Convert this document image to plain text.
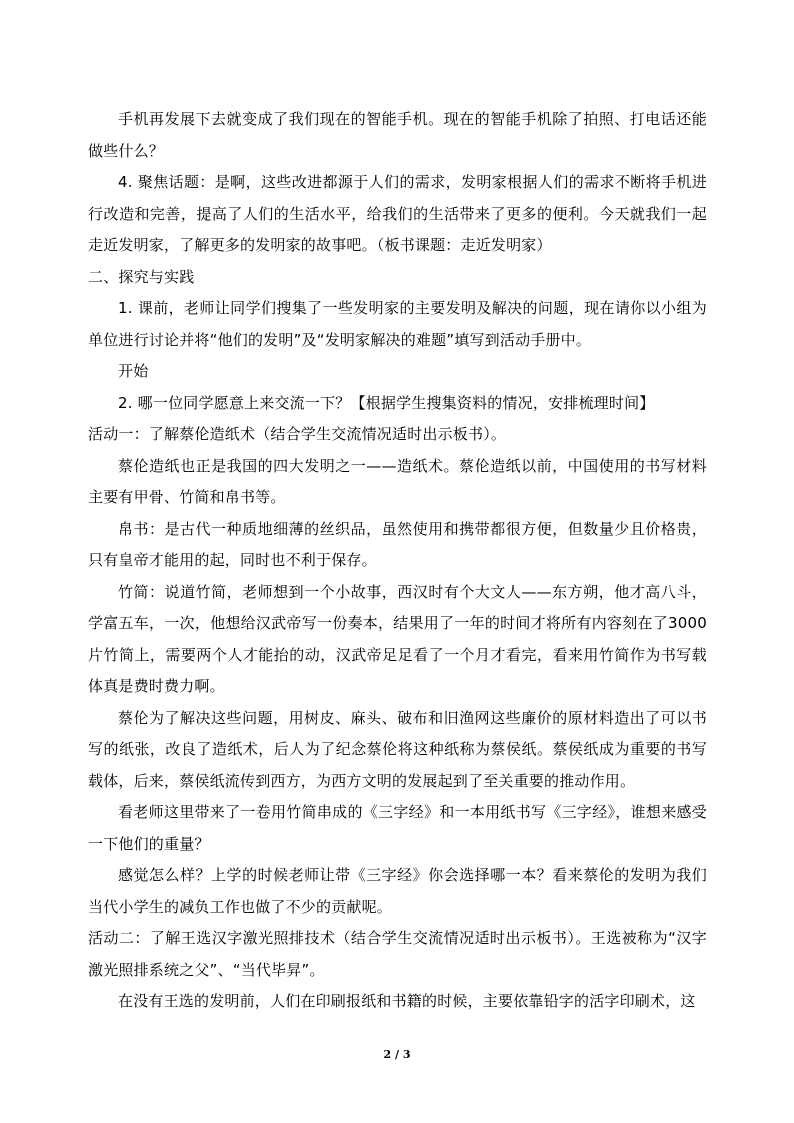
手机再发展下去就变成了我们现在的智能手机。现在的智能手机除了拍照、打电话还能做些什么？

4. 聚焦话题：是啊，这些改进都源于人们的需求，发明家根据人们的需求不断将手机进行改造和完善，提高了人们的生活水平，给我们的生活带来了更多的便利。今天就我们一起走近发明家，了解更多的发明家的故事吧。（板书课题：走近发明家）

二、探究与实践

1. 课前，老师让同学们搜集了一些发明家的主要发明及解决的问题，现在请你以小组为单位进行讨论并将“他们的发明”及“发明家解决的难题”填写到活动手册中。

开始

2. 哪一位同学愿意上来交流一下？【根据学生搜集资料的情况，安排梳理时间】

活动一：了解蔡伦造纸术（结合学生交流情况适时出示板书）。

蔡伦造纸也正是我国的四大发明之一——造纸术。蔡伦造纸以前，中国使用的书写材料主要有甲骨、竹简和帛书等。

帛书：是古代一种质地细薄的丝织品，虽然使用和携带都很方便，但数量少且价格贵，只有皇帝才能用的起，同时也不利于保存。

竹简：说道竹简，老师想到一个小故事，西汉时有个大文人——东方朔，他才高八斗，学富五车，一次，他想给汉武帝写一份奏本，结果用了一年的时间才将所有内容刻在了3000片竹简上，需要两个人才能抬的动，汉武帝足足看了一个月才看完，看来用竹简作为书写载体真是费时费力啊。

蔡伦为了解决这些问题，用树皮、麻头、破布和旧渔网这些廉价的原材料造出了可以书写的纸张，改良了造纸术，后人为了纪念蔡伦将这种纸称为蔡侯纸。蔡侯纸成为重要的书写载体，后来，蔡侯纸流传到西方，为西方文明的发展起到了至关重要的推动作用。

看老师这里带来了一卷用竹简串成的《三字经》和一本用纸书写《三字经》，谁想来感受一下他们的重量？

感觉怎么样？上学的时候老师让带《三字经》你会选择哪一本？看来蔡伦的发明为我们当代小学生的减负工作也做了不少的贡献呢。

活动二：了解王选汉字激光照排技术（结合学生交流情况适时出示板书）。王选被称为“汉字激光照排系统之父”、“当代毕昇”。

在没有王选的发明前，人们在印刷报纸和书籍的时候，主要依靠铅字的活字印刷术，这

2 / 3
